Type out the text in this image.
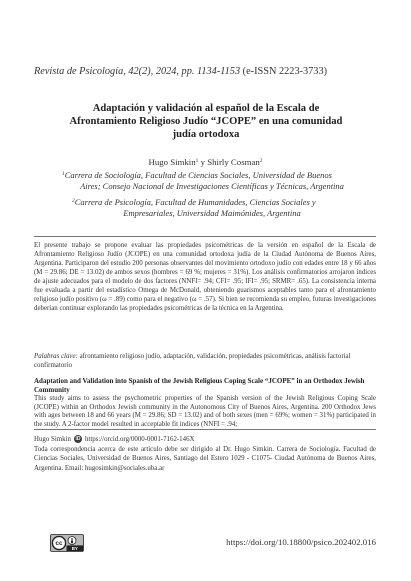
Revista de Psicología, 42(2), 2024, pp. 1134-1153 (e-ISSN 2223-3733)
Adaptación y validación al español de la Escala de Afrontamiento Religioso Judío “JCOPE” en una comunidad judía ortodoxa
Hugo Simkin$^1$ y Shirly Cosman$^2$
$^1$Carrera de Sociología, Facultad de Ciencias Sociales, Universidad de Buenos
Aires; Consejo Nacional de Investigaciones Científicas y Técnicas, Argentina
$^2$Carrera de Psicología, Facultad de Humanidades, Ciencias Sociales y
Empresariales, Universidad Maimónides, Argentina
El presente trabajo se propone evaluar las propiedades psicométricas de la versión en español de la Escala de Afrontamiento Religioso Judío (JCOPE) en una comunidad ortodoxa judía de la Ciudad Autónoma de Buenos Aires, Argentina. Participaron del estudio 200 personas observantes del movimiento ortodoxo judío con edades entre 18 y 66 años (M = 29.86; DE = 13.02) de ambos sexos (hombres = 69 %; mujeres = 31%). Los análisis confirmatorios arrojaron índices de ajuste adecuados para el modelo de dos factores (NNFI= .94; CFI= .95; IFI= .95; SRMR= .65). La consistencia interna fue evaluada a partir del estadístico Omega de McDonald, obteniendo guarismos aceptables tanto para el afrontamiento religioso judío positivo (ω = .89) como para el negativo (ω = .57). Si bien se recomienda su empleo, futuras investigaciones deberían continuar explorando las propiedades psicométricas de la técnica en la Argentina.
Palabras clave: afrontamiento religioso judío, adaptación, validación, propiedades psicométricas, análisis factorial confirmatorio
Adaptation and Validation into Spanish of the Jewish Religious Coping Scale “JCOPE” in an Orthodox Jewish Community
This study aims to assess the psychometric properties of the Spanish version of the Jewish Religious Coping Scale (JCOPE) within an Orthodox Jewish community in the Autonomous City of Buenos Aires, Argentina. 200 Orthodox Jews with ages between 18 and 66 years (M = 29.86; SD = 13.02) and of both sexes (men = 69%; women = 31%) participated in the study. A 2-factor model resulted in acceptable fit indices (NNFI = .94;
Hugo Simkin iD https://orcid.org/0000-0001-7162-146X
Toda correspondencia acerca de este artículo debe ser dirigido al Dr. Hugo Simkin. Carrera de Sociología. Facultad de Ciencias Sociales, Universidad de Buenos Aires, Santiago del Estero 1029 - C1075- Ciudad Autónoma de Buenos Aires, Argentina. Email: hugosimkin@sociales.uba.ar
cc
BY
https://doi.org/10.18800/psico.202402.016
